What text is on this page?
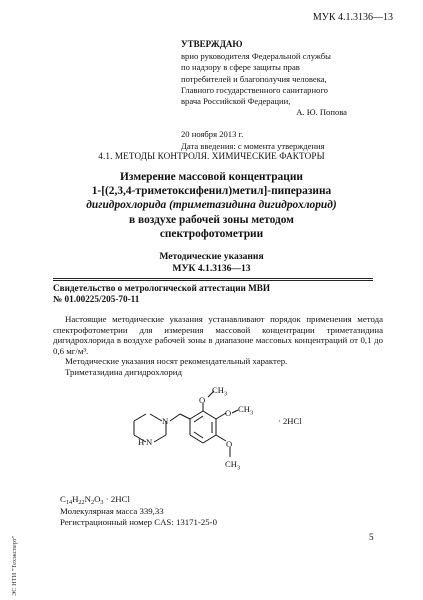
МУК 4.1.3136—13
УТВЕРЖДАЮ
врио руководителя Федеральной службы
по надзору в сфере защиты прав
потребителей и благополучия человека,
Главного государственного санитарного
врача Российской Федерации,
А. Ю. Попова
20 ноября 2013 г.
Дата введения: с момента утверждения
4.1. МЕТОДЫ КОНТРОЛЯ. ХИМИЧЕСКИЕ ФАКТОРЫ
Измерение массовой концентрации
1-[(2,3,4-триметоксифенил)метил]-пиперазина
дигидрохлорида (триметазидина дигидрохлорид)
в воздухе рабочей зоны методом
спектрофотометрии
Методические указания
МУК 4.1.3136—13
Свидетельство о метрологической аттестации МВИ
№ 01.00225/205-70-11

Настоящие методические указания устанавливают порядок применения метода спектрофотометрии для измерения массовой концентрации триметазидина дигидрохлорида в воздухе рабочей зоны в диапазоне массовых концентраций от 0,1 до 0,6 мг/м³.

Методические указания носят рекомендательный характер.

Триметазидина дигидрохлорид

N
N
H
O
O
O
$CH_3$
$CH_3$
$CH_3$
· 2HCl
$C_{14}H_{22}N_2O_3 \cdot 2HCl$
Молекулярная масса 339,33
Регистрационный номер CAS: 13171-25-0
5
ЭС НТИ "Техэксперт"
